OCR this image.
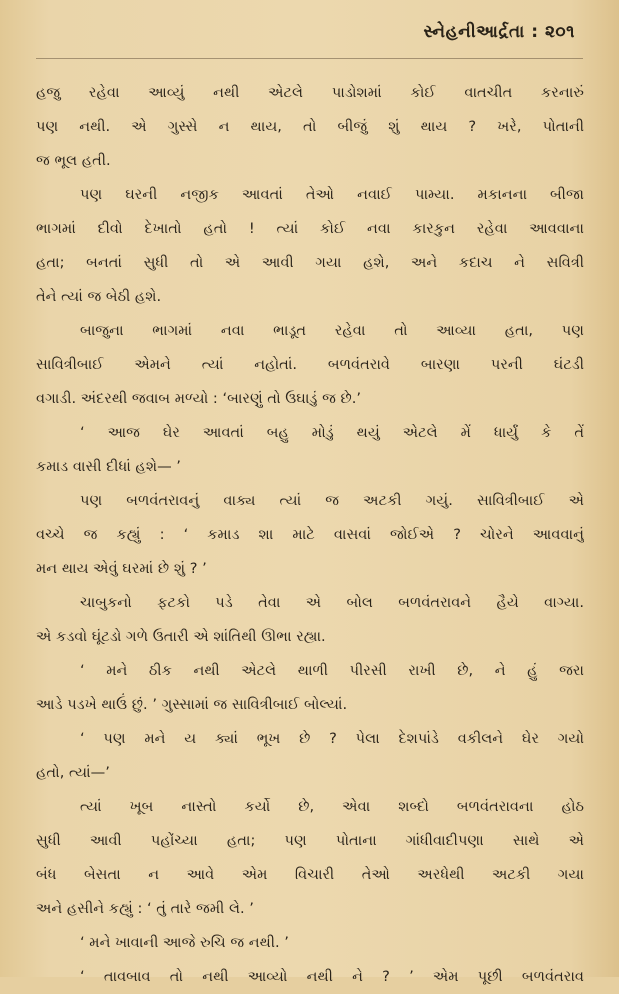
સ્નેહનીઆર્દ્રતા : ૨૦૧
હજુ રહેવા આવ્યું નથી એટલે પાડોશમાં કોઈ વાતચીત કરનારું
પણ નથી. એ ગુસ્સે ન થાય, તો બીજું શું થાય ? ખરે, પોતાની
જ ભૂલ હતી.
પણ ઘરની નજીક આવતાં તેઓ નવાઈ પામ્યા. મકાનના બીજા
ભાગમાં દીવો દેખાતો હતો ! ત્યાં કોઈ નવા કારકુન રહેવા આવવાના
હતા; બનતાં સુધી તો એ આવી ગયા હશે, અને કદાચ ને સવિત્રી
તેને ત્યાં જ બેઠી હશે.
બાજુના ભાગમાં નવા ભાડૂત રહેવા તો આવ્યા હતા, પણ
સાવિત્રીબાઈ એમને ત્યાં નહોતાં. બળવંતરાવે બારણા પરની ઘંટડી
વગાડી. અંદરથી જવાબ મળ્યો : ‘બારણું તો ઉઘાડું જ છે.’
‘ આજ ઘેર આવતાં બહુ મોડું થયું એટલે મેં ધાર્યું કે તેં
કમાડ વાસી દીધાં હશે— ’
પણ બળવંતરાવનું વાક્ય ત્યાં જ અટકી ગયું. સાવિત્રીબાઈ એ
વચ્ચે જ કહ્યું : ‘ કમાડ શા માટે વાસવાં જોઈએ ? ચોરને આવવાનું
મન થાય એવું ઘરમાં છે શું ? ’
ચાબુકનો ફટકો પડે તેવા એ બોલ બળવંતરાવને હૈયે વાગ્યા.
એ કડવો ઘૂંટડો ગળે ઉતારી એ શાંતિથી ઊભા રહ્યા.
‘ મને ઠીક નથી એટલે થાળી પીરસી રાખી છે, ને હું જરા
આડે પડખે થાઉં છું. ’ ગુસ્સામાં જ સાવિત્રીબાઈ બોલ્યાં.
‘ પણ મને ય ક્યાં ભૂખ છે ? પેલા દેશપાંડે વકીલને ઘેર ગયો
હતો, ત્યાં—’
ત્યાં ખૂબ નાસ્તો કર્યો છે, એવા શબ્દો બળવંતરાવના હોઠ
સુધી આવી પહોંચ્યા હતા; પણ પોતાના ગાંધીવાદીપણા સાથે એ
બંધ બેસતા ન આવે એમ વિચારી તેઓ અરધેથી અટકી ગયા
અને હસીને કહ્યું : ‘ તું તારે જમી લે. ’
‘ મને ખાવાની આજે રુચિ જ નથી. ’
‘ તાવબાવ તો નથી આવ્યો નથી ને ? ’ એમ પૂછી બળવંતરાવ
